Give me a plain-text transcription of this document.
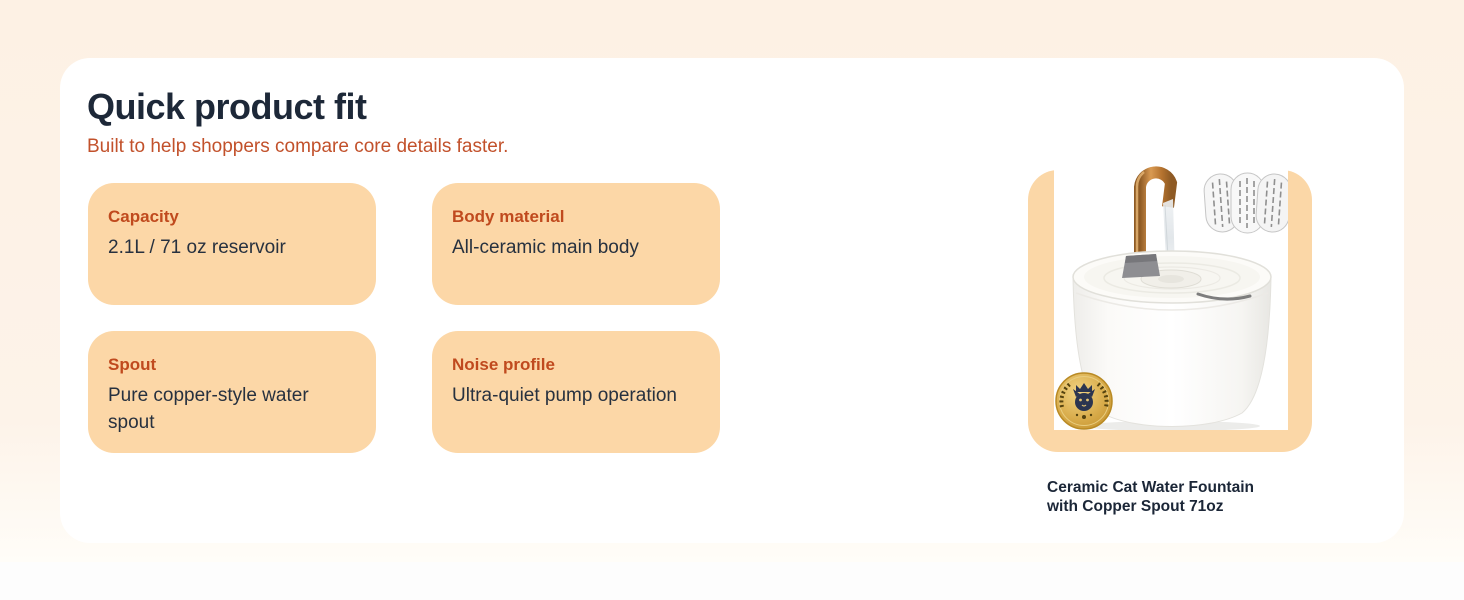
Quick product fit

Built to help shoppers compare core details faster.

Capacity
2.1L / 71 oz reservoir
Body material
All-ceramic main body
Spout
Pure copper-style water spout
Noise profile
Ultra-quiet pump operation
Ceramic Cat Water Fountain with Copper Spout 71oz
